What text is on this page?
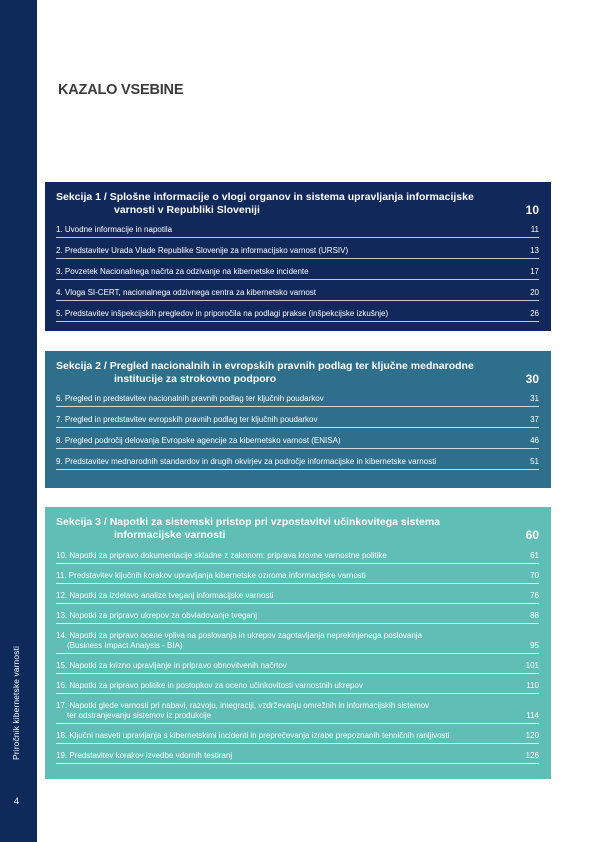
Priročnik kibernetske varnosti
4
KAZALO VSEBINE
Sekcija 1 / Splošne informacije o vlogi organov in sistema upravljanja informacijske
varnosti v Republiki Sloveniji	10
1. Uvodne informacije in napotila	11
2. Predstavitev Urada Vlade Republike Slovenije za informacijsko varnost (URSIV)	13
3. Povzetek Nacionalnega načrta za odzivanje na kibernetske incidente	17
4. Vloga SI-CERT, nacionalnega odzivnega centra za kibernetsko varnost	20
5. Predstavitev inšpekcijskih pregledov in priporočila na podlagi prakse (inšpekcijske izkušnje)	26
Sekcija 2 / Pregled nacionalnih in evropskih pravnih podlag ter ključne mednarodne
institucije za strokovno podporo	30
6. Pregled in predstavitev nacionalnih pravnih podlag ter ključnih poudarkov	31
7. Pregled in predstavitev evropskih pravnih podlag ter ključnih poudarkov	37
8. Pregled področij delovanja Evropske agencije za kibernetsko varnost (ENISA)	46
9. Predstavitev mednarodnih standardov in drugih okvirjev za področje informacijske in kibernetske varnosti	51
Sekcija 3 / Napotki za sistemski pristop pri vzpostavitvi učinkovitega sistema
informacijske varnosti	60
10. Napotki za pripravo dokumentacije skladne z zakonom: priprava krovne varnostne politike	61
11. Predstavitev ključnih korakov upravljanja kibernetske oziroma informacijske varnosti	70
12. Napotki za izdelavo analize tveganj informacijske varnosti	76
13. Napotki za pripravo ukrepov za obvladovanje tveganj	88
14. Napotki za pripravo ocene vpliva na poslovanja in ukrepov zagotavljanja neprekinjenega poslovanja
(Business Impact Analysis - BIA)	95
15. Napotki za krizno upravljanje in pripravo obnovitvenih načrtov	101
16. Napotki za pripravo politike in postopkov za oceno učinkovitosti varnostnih ukrepov	110
17. Napotki glede varnosti pri nabavi, razvoju, integraciji, vzdrževanju omrežnih in informacijskih sistemov
ter odstranjevanju sistemov iz produkcije	114
18. Ključni nasveti upravljanja s kibernetskimi incidenti in preprečevanja izrabe prepoznanih tehničnih ranljivosti	120
19. Predstavitev korakov izvedbe vdornih testiranj	126
